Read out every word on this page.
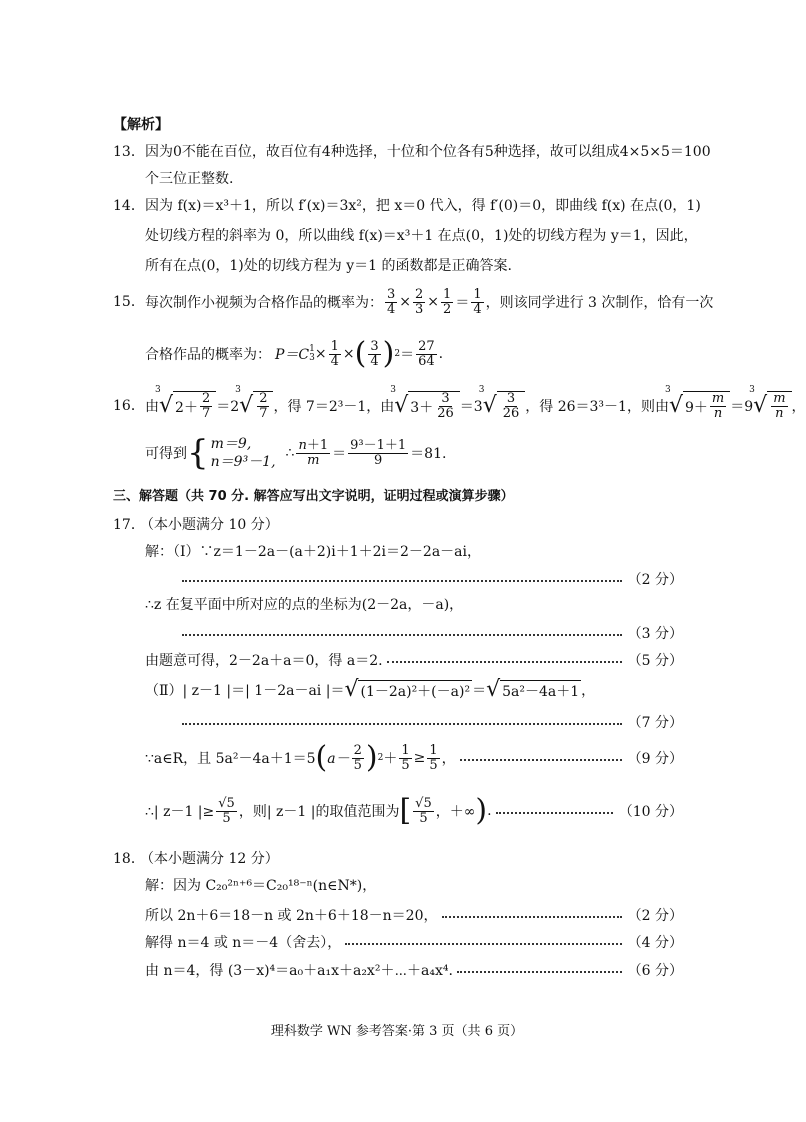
【解析】
13． 因为0不能在百位，故百位有4种选择，十位和个位各有5种选择，故可以组成4×5×5＝100
个三位正整数.
14． 因为 f(x)＝x³＋1，所以 f′(x)＝3x²，把 x＝0 代入，得 f′(0)＝0，即曲线 f(x) 在点(0，1)
处切线方程的斜率为 0，所以曲线 f(x)＝x³＋1 在点(0，1)处的切线方程为 y＝1，因此，
所有在点(0，1)处的切线方程为 y＝1 的函数都是正确答案.
15． 每次制作小视频为合格作品的概率为： $\frac{3}{4} \times \frac{2}{3} \times \frac{1}{2} = \frac{1}{4}$ ，则该同学进行 3 次制作，恰有一次
合格作品的概率为： P＝C 1
$3 \times \frac{1}{4}$ × ( $\frac{3}{4}$ ) $2 = \frac{27}{64}$ .
16． 由
3
√ $2+ \frac{2}{7} =2$
3
√ $\frac{2}{7}$ ，得 7＝2³－1，由
3
√ $3+ \frac{3}{26} =3$
3
√ $\frac{3}{26}$ ，得 26＝3³－1，则由
3
√ $9+ \frac{m}{n} =9$
3
√ $\frac{m}{n}$ ，
可得到 { m＝9,
n＝9³－1,
∴ $\frac{n+1}{m} = \frac{\text{9³－1＋1}}{9} =81$.
三、解答题（共 70 分. 解答应写出文字说明，证明过程或演算步骤）
17．
（本小题满分 10 分）
解：（Ⅰ）∵z＝1－2a－(a＋2)i＋1＋2i＝2－2a－ai，
（2 分）
∴z 在复平面中所对应的点的坐标为(2－2a，－a)，
（3 分）
由题意可得，2－2a＋a＝0，得 a＝2.	（5 分）
（Ⅱ）| z－1 |＝| 1－2a－ai |＝ √ (1－2a)²＋(－a)² ＝ √ 5a²－4a＋1 ，
（7 分）
∵a∈R，且 5a²－4a＋1＝5 ( $a- \frac{2}{5}$ ) $2 + \frac{1}{5} \ge \frac{1}{5}$ ，	（9 分）
∴| z－1 |≥ $\frac{√5}{5}$ ，则| z－1 |的取值范围为 [ $\frac{√5}{5}$ ，＋∞ ) .	（10 分）
18．
（本小题满分 12 分）
解：因为 C₂₀²ⁿ⁺⁶＝C₂₀¹⁸⁻ⁿ(n∈N*)，
所以 2n＋6＝18－n 或 2n＋6＋18－n＝20，	（2 分）
解得 n＝4 或 n＝－4（舍去），	（4 分）
由 n＝4，得 (3－x)⁴＝a₀＋a₁x＋a₂x²＋⋯＋a₄x⁴.	（6 分）
理科数学 WN 参考答案·第 3 页（共 6 页）
